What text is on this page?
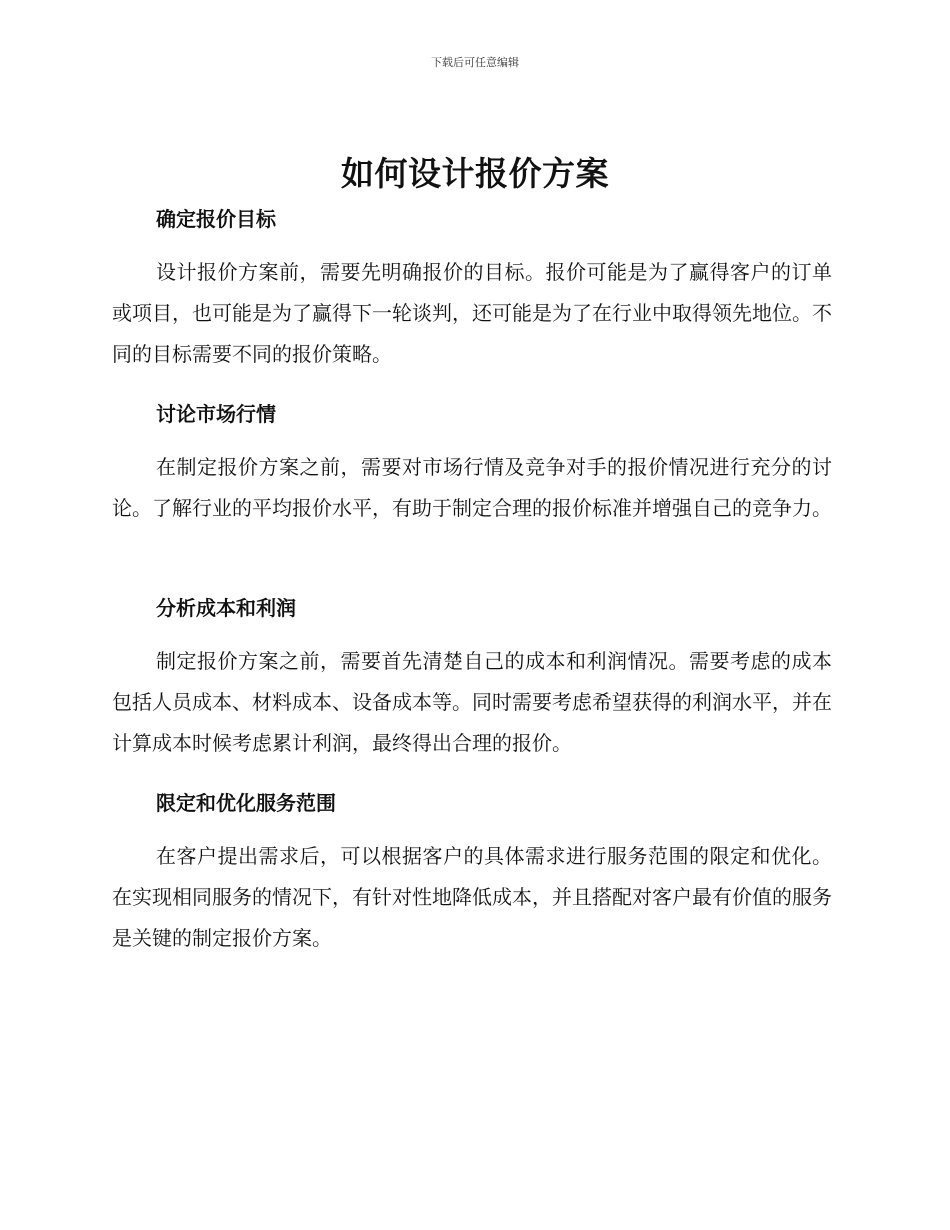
下载后可任意编辑
如何设计报价方案
确定报价目标

设计报价方案前，需要先明确报价的目标。报价可能是为了赢得客户的订单或项目，也可能是为了赢得下一轮谈判，还可能是为了在行业中取得领先地位。不同的目标需要不同的报价策略。

讨论市场行情

在制定报价方案之前，需要对市场行情及竞争对手的报价情况进行充分的讨论。了解行业的平均报价水平，有助于制定合理的报价标准并增强自己的竞争力。

分析成本和利润

制定报价方案之前，需要首先清楚自己的成本和利润情况。需要考虑的成本包括人员成本、材料成本、设备成本等。同时需要考虑希望获得的利润水平，并在计算成本时候考虑累计利润，最终得出合理的报价。

限定和优化服务范围

在客户提出需求后，可以根据客户的具体需求进行服务范围的限定和优化。在实现相同服务的情况下，有针对性地降低成本，并且搭配对客户最有价值的服务是关键的制定报价方案。
